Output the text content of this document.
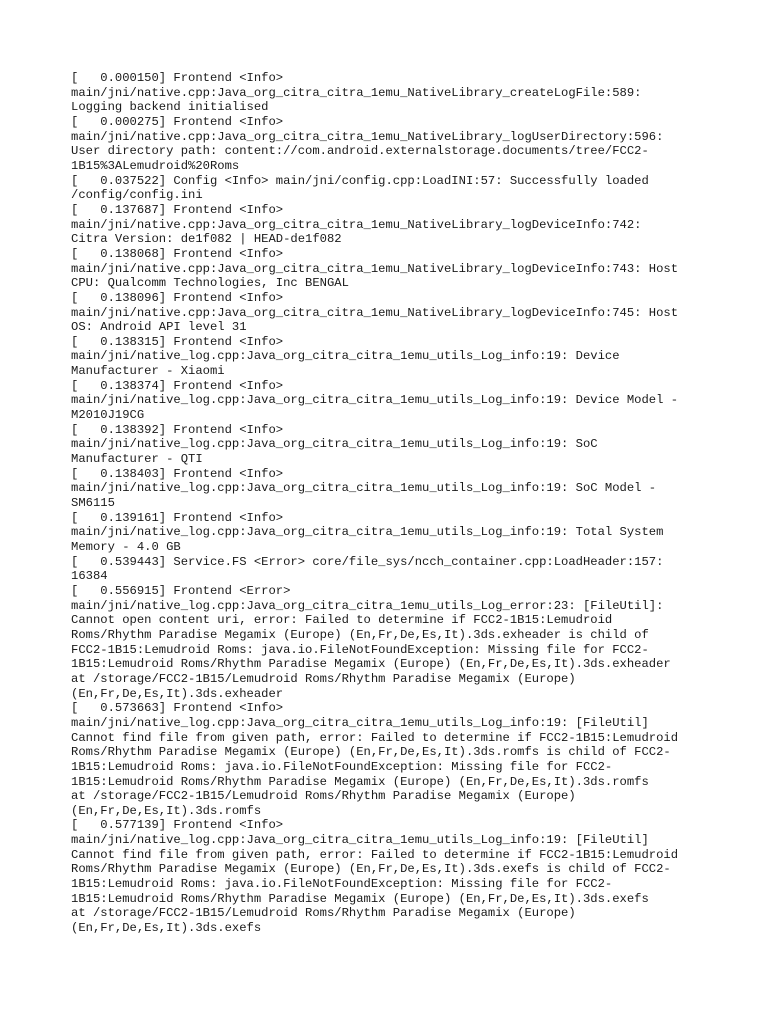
[   0.000150] Frontend <Info>
main/jni/native.cpp:Java_org_citra_citra_1emu_NativeLibrary_createLogFile:589:
Logging backend initialised
[   0.000275] Frontend <Info>
main/jni/native.cpp:Java_org_citra_citra_1emu_NativeLibrary_logUserDirectory:596:
User directory path: content://com.android.externalstorage.documents/tree/FCC2-
1B15%3ALemudroid%20Roms
[   0.037522] Config <Info> main/jni/config.cpp:LoadINI:57: Successfully loaded
/config/config.ini
[   0.137687] Frontend <Info>
main/jni/native.cpp:Java_org_citra_citra_1emu_NativeLibrary_logDeviceInfo:742:
Citra Version: de1f082 | HEAD-de1f082
[   0.138068] Frontend <Info>
main/jni/native.cpp:Java_org_citra_citra_1emu_NativeLibrary_logDeviceInfo:743: Host
CPU: Qualcomm Technologies, Inc BENGAL
[   0.138096] Frontend <Info>
main/jni/native.cpp:Java_org_citra_citra_1emu_NativeLibrary_logDeviceInfo:745: Host
OS: Android API level 31
[   0.138315] Frontend <Info>
main/jni/native_log.cpp:Java_org_citra_citra_1emu_utils_Log_info:19: Device
Manufacturer - Xiaomi
[   0.138374] Frontend <Info>
main/jni/native_log.cpp:Java_org_citra_citra_1emu_utils_Log_info:19: Device Model -
M2010J19CG
[   0.138392] Frontend <Info>
main/jni/native_log.cpp:Java_org_citra_citra_1emu_utils_Log_info:19: SoC
Manufacturer - QTI
[   0.138403] Frontend <Info>
main/jni/native_log.cpp:Java_org_citra_citra_1emu_utils_Log_info:19: SoC Model -
SM6115
[   0.139161] Frontend <Info>
main/jni/native_log.cpp:Java_org_citra_citra_1emu_utils_Log_info:19: Total System
Memory - 4.0 GB
[   0.539443] Service.FS <Error> core/file_sys/ncch_container.cpp:LoadHeader:157:
16384
[   0.556915] Frontend <Error>
main/jni/native_log.cpp:Java_org_citra_citra_1emu_utils_Log_error:23: [FileUtil]:
Cannot open content uri, error: Failed to determine if FCC2-1B15:Lemudroid
Roms/Rhythm Paradise Megamix (Europe) (En,Fr,De,Es,It).3ds.exheader is child of
FCC2-1B15:Lemudroid Roms: java.io.FileNotFoundException: Missing file for FCC2-
1B15:Lemudroid Roms/Rhythm Paradise Megamix (Europe) (En,Fr,De,Es,It).3ds.exheader
at /storage/FCC2-1B15/Lemudroid Roms/Rhythm Paradise Megamix (Europe)
(En,Fr,De,Es,It).3ds.exheader
[   0.573663] Frontend <Info>
main/jni/native_log.cpp:Java_org_citra_citra_1emu_utils_Log_info:19: [FileUtil]
Cannot find file from given path, error: Failed to determine if FCC2-1B15:Lemudroid
Roms/Rhythm Paradise Megamix (Europe) (En,Fr,De,Es,It).3ds.romfs is child of FCC2-
1B15:Lemudroid Roms: java.io.FileNotFoundException: Missing file for FCC2-
1B15:Lemudroid Roms/Rhythm Paradise Megamix (Europe) (En,Fr,De,Es,It).3ds.romfs
at /storage/FCC2-1B15/Lemudroid Roms/Rhythm Paradise Megamix (Europe)
(En,Fr,De,Es,It).3ds.romfs
[   0.577139] Frontend <Info>
main/jni/native_log.cpp:Java_org_citra_citra_1emu_utils_Log_info:19: [FileUtil]
Cannot find file from given path, error: Failed to determine if FCC2-1B15:Lemudroid
Roms/Rhythm Paradise Megamix (Europe) (En,Fr,De,Es,It).3ds.exefs is child of FCC2-
1B15:Lemudroid Roms: java.io.FileNotFoundException: Missing file for FCC2-
1B15:Lemudroid Roms/Rhythm Paradise Megamix (Europe) (En,Fr,De,Es,It).3ds.exefs
at /storage/FCC2-1B15/Lemudroid Roms/Rhythm Paradise Megamix (Europe)
(En,Fr,De,Es,It).3ds.exefs
